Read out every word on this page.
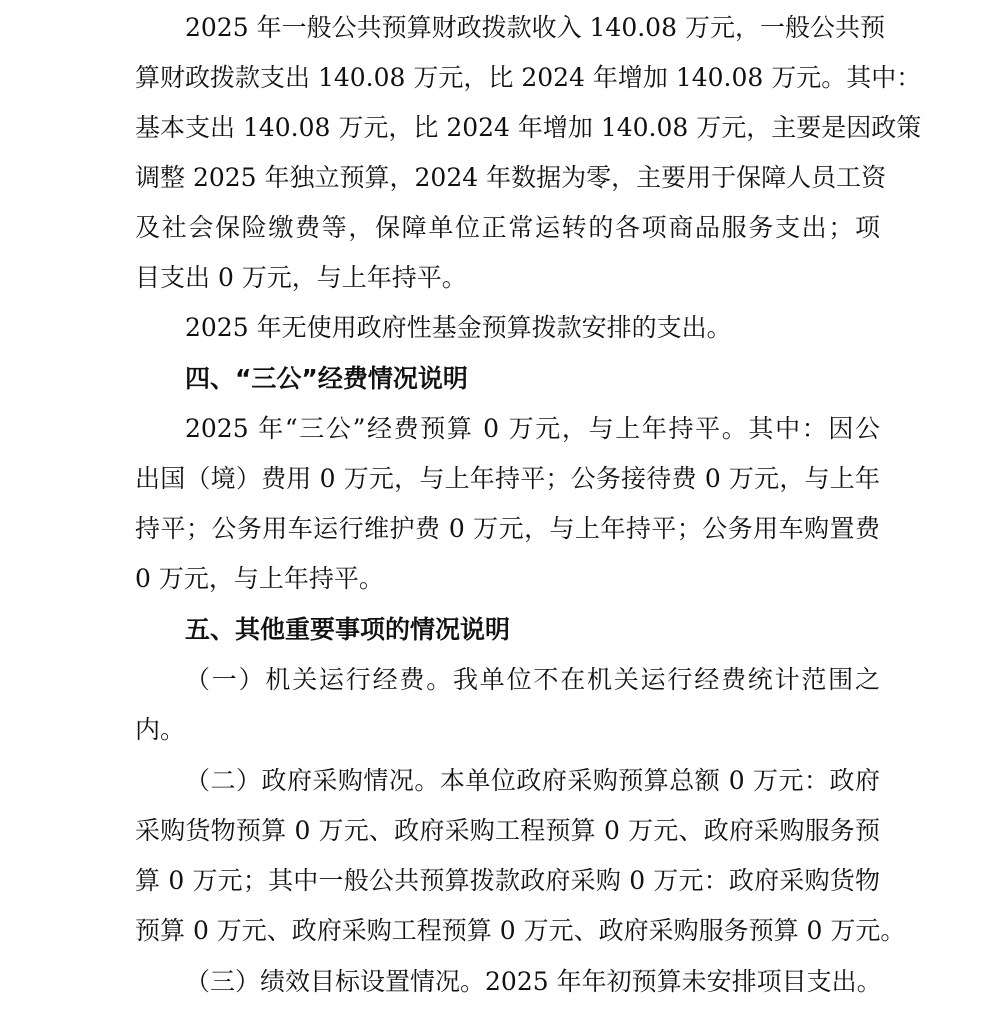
2025 年一般公共预算财政拨款收入 140.08 万元，一般公共预
算财政拨款支出 140.08 万元，比 2024 年增加 140.08 万元。其中：
基本支出 140.08 万元，比 2024 年增加 140.08 万元，主要是因政策
调整 2025 年独立预算，2024 年数据为零，主要用于保障人员工资
及社会保险缴费等，保障单位正常运转的各项商品服务支出；项
目支出 0 万元，与上年持平。
2025 年无使用政府性基金预算拨款安排的支出。
四、“三公”经费情况说明
2025 年“三公”经费预算 0 万元，与上年持平。其中：因公
出国（境）费用 0 万元，与上年持平；公务接待费 0 万元，与上年
持平；公务用车运行维护费 0 万元，与上年持平；公务用车购置费
0 万元，与上年持平。
五、其他重要事项的情况说明
（一）机关运行经费。我单位不在机关运行经费统计范围之
内。
（二）政府采购情况。本单位政府采购预算总额 0 万元：政府
采购货物预算 0 万元、政府采购工程预算 0 万元、政府采购服务预
算 0 万元；其中一般公共预算拨款政府采购 0 万元：政府采购货物
预算 0 万元、政府采购工程预算 0 万元、政府采购服务预算 0 万元。
（三）绩效目标设置情况。2025 年年初预算未安排项目支出。
